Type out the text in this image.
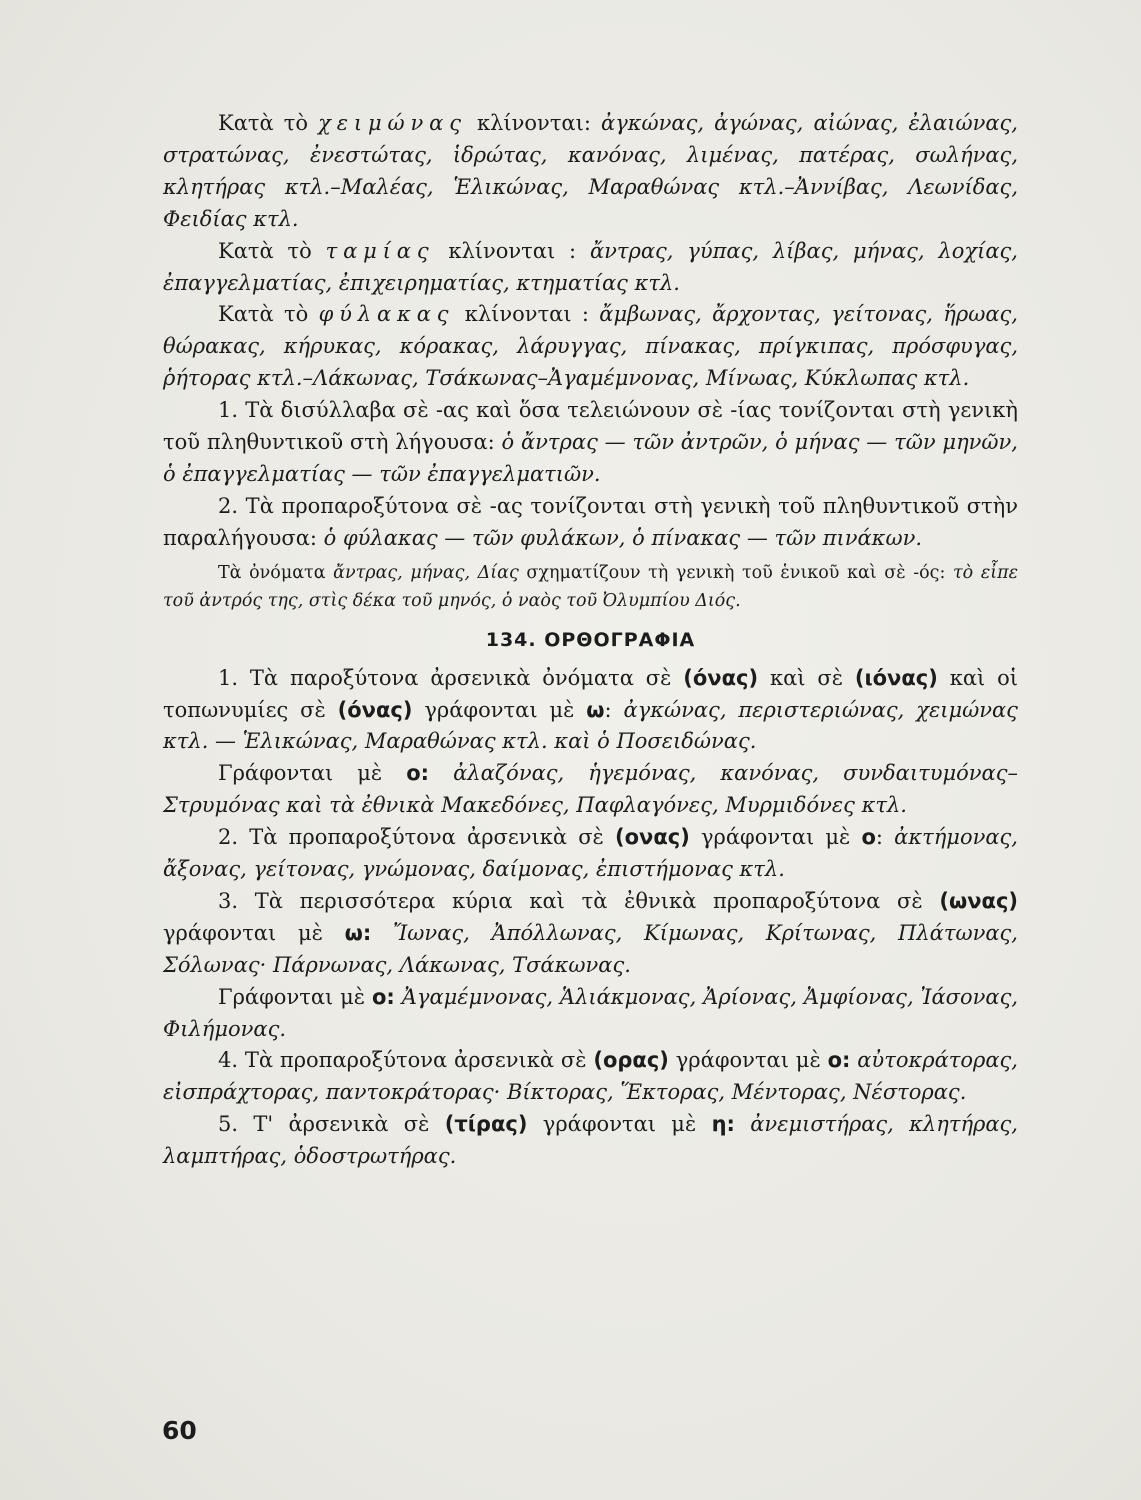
Κατὰ τὸ χειμώνας κλίνονται: ἀγκώνας, ἀγώνας, αἰώνας, ἐλαιώνας, στρατώνας, ἐνεστώτας, ἱδρώτας, κανόνας, λιμένας, πατέρας, σωλήνας, κλητήρας κτλ.–Μαλέας, Ἑλικώνας, Μαραθώνας κτλ.–Ἀννίβας, Λεωνίδας, Φειδίας κτλ.

Κατὰ τὸ ταμίας κλίνονται : ἄντρας, γύπας, λίβας, μήνας, λοχίας, ἐπαγγελματίας, ἐπιχειρηματίας, κτηματίας κτλ.

Κατὰ τὸ φύλακας κλίνονται : ἄμβωνας, ἄρχοντας, γείτονας, ἥρωας, θώρακας, κήρυκας, κόρακας, λάρυγγας, πίνακας, πρίγκιπας, πρόσφυγας, ῥήτορας κτλ.–Λάκωνας, Τσάκωνας–Ἀγαμέμνονας, Μίνωας, Κύκλωπας κτλ.

1. Τὰ δισύλλαβα σὲ -ας καὶ ὅσα τελειώνουν σὲ -ίας τονίζονται στὴ γενικὴ τοῦ πληθυντικοῦ στὴ λήγουσα: ὁ ἄντρας — τῶν ἀντρῶν, ὁ μήνας — τῶν μηνῶν, ὁ ἐπαγγελματίας — τῶν ἐπαγγελματιῶν.

2. Τὰ προπαροξύτονα σὲ -ας τονίζονται στὴ γενικὴ τοῦ πληθυντικοῦ στὴν παραλήγουσα: ὁ φύλακας — τῶν φυλάκων, ὁ πίνακας — τῶν πινάκων.

Τὰ ὀνόματα ἄντρας, μήνας, Δίας σχηματίζουν τὴ γενικὴ τοῦ ἑνικοῦ καὶ σὲ -ός: τὸ εἶπε τοῦ ἀντρός της, στὶς δέκα τοῦ μηνός, ὁ ναὸς τοῦ Ὀλυμπίου Διός.

134. ΟΡΘΟΓΡΑΦΙΑ

1. Τὰ παροξύτονα ἀρσενικὰ ὀνόματα σὲ (όνας) καὶ σὲ (ιόνας) καὶ οἱ τοπωνυμίες σὲ (όνας) γράφονται μὲ ω: ἀγκώνας, περιστεριώνας, χειμώνας κτλ. — Ἑλικώνας, Μαραθώνας κτλ. καὶ ὁ Ποσειδώνας.

Γράφονται μὲ ο: ἀλαζόνας, ἡγεμόνας, κανόνας, συνδαιτυμόνας– Στρυμόνας καὶ τὰ ἐθνικὰ Μακεδόνες, Παφλαγόνες, Μυρμιδόνες κτλ.

2. Τὰ προπαροξύτονα ἀρσενικὰ σὲ (ονας) γράφονται μὲ ο: ἀκτήμονας, ἄξονας, γείτονας, γνώμονας, δαίμονας, ἐπιστήμονας κτλ.

3. Τὰ περισσότερα κύρια καὶ τὰ ἐθνικὰ προπαροξύτονα σὲ (ωνας) γράφονται μὲ ω: Ἴωνας, Ἀπόλλωνας, Κίμωνας, Κρίτωνας, Πλάτωνας, Σόλωνας· Πάρνωνας, Λάκωνας, Τσάκωνας.

Γράφονται μὲ ο: Ἀγαμέμνονας, Ἁλιάκμονας, Ἀρίονας, Ἀμφίονας, Ἰάσονας, Φιλήμονας.

4. Τὰ προπαροξύτονα ἀρσενικὰ σὲ (ορας) γράφονται μὲ ο: αὐτοκράτορας, εἰσπράχτορας, παντοκράτορας· Βίκτορας, Ἕκτορας, Μέντορας, Νέστορας.

5. Τ' ἀρσενικὰ σὲ (τίρας) γράφονται μὲ η: ἀνεμιστήρας, κλητήρας, λαμπτήρας, ὁδοστρωτήρας.

60
